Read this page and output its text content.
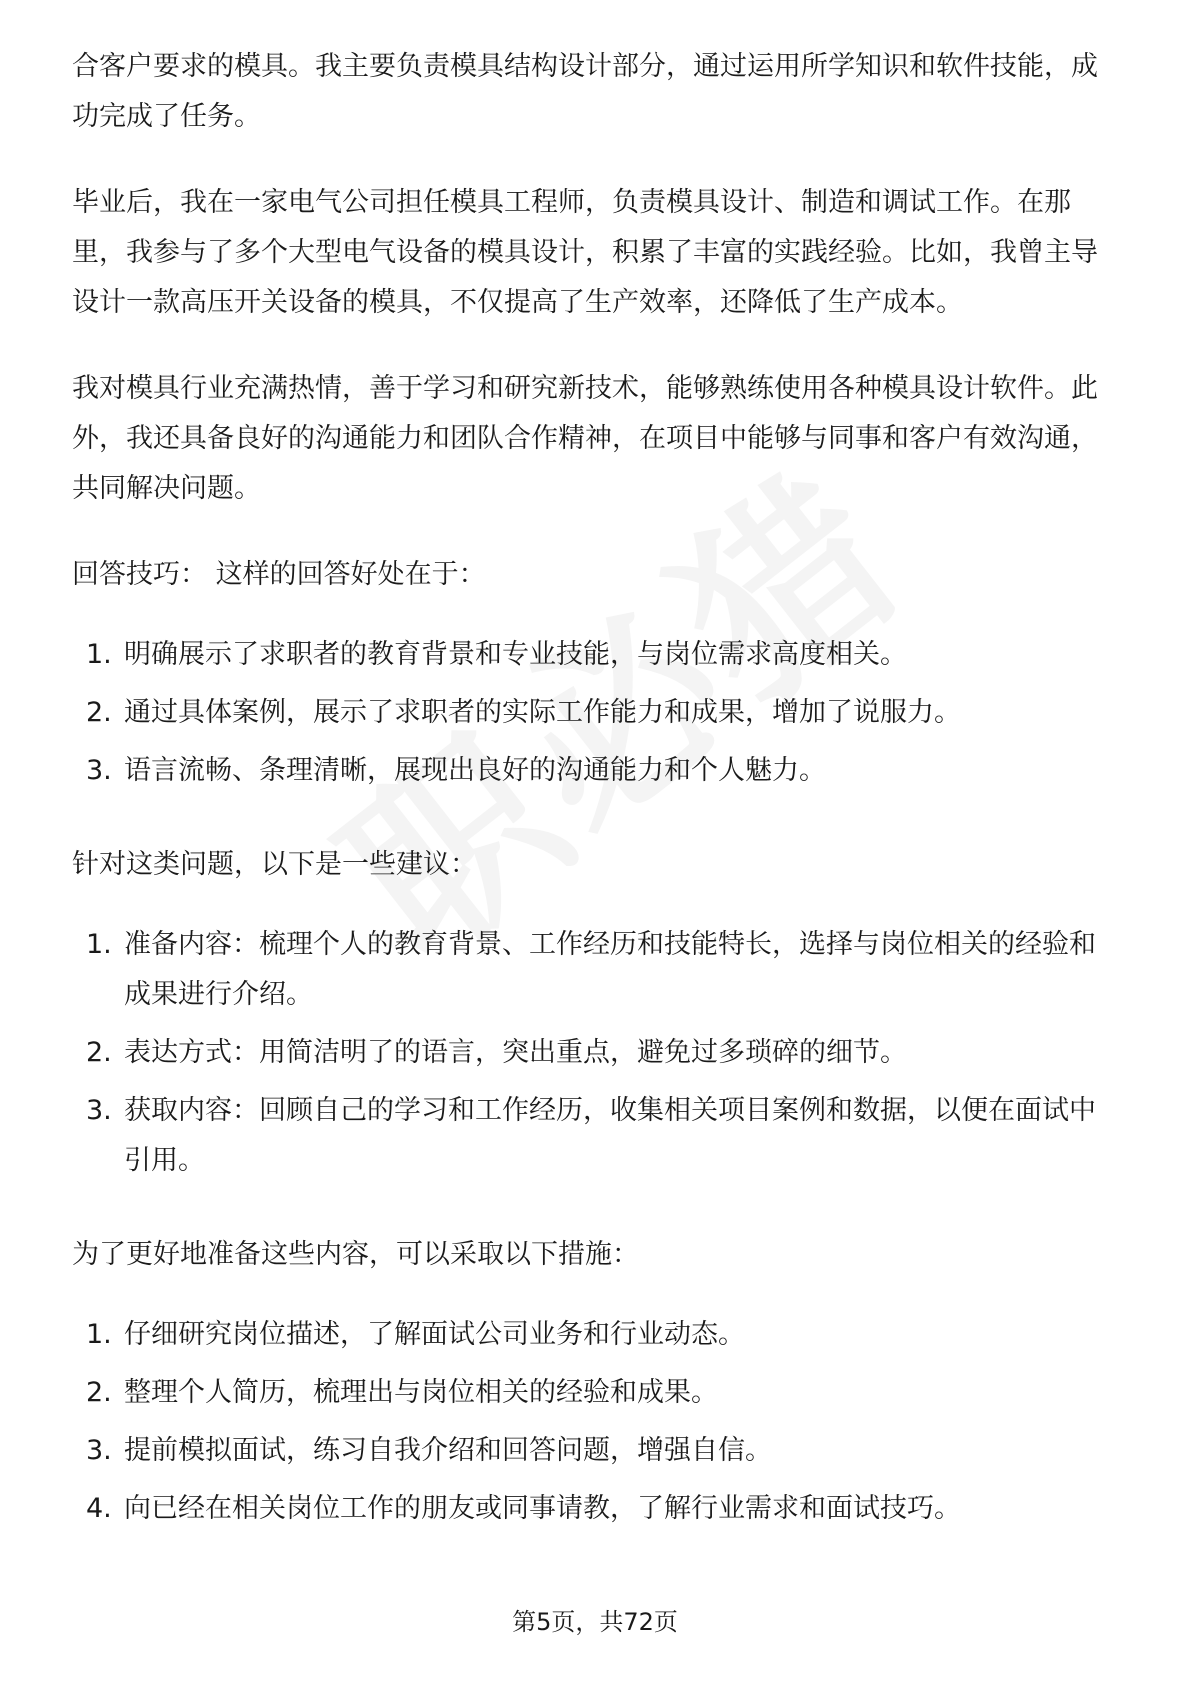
合客户要求的模具。我主要负责模具结构设计部分，通过运用所学知识和软件技能，成功完成了任务。

毕业后，我在一家电气公司担任模具工程师，负责模具设计、制造和调试工作。在那里，我参与了多个大型电气设备的模具设计，积累了丰富的实践经验。比如，我曾主导设计一款高压开关设备的模具，不仅提高了生产效率，还降低了生产成本。

我对模具行业充满热情，善于学习和研究新技术，能够熟练使用各种模具设计软件。此外，我还具备良好的沟通能力和团队合作精神，在项目中能够与同事和客户有效沟通，共同解决问题。

回答技巧： 这样的回答好处在于：

1. 明确展示了求职者的教育背景和专业技能，与岗位需求高度相关。
2. 通过具体案例，展示了求职者的实际工作能力和成果，增加了说服力。
3. 语言流畅、条理清晰，展现出良好的沟通能力和个人魅力。

针对这类问题，以下是一些建议：

1. 准备内容：梳理个人的教育背景、工作经历和技能特长，选择与岗位相关的经验和成果进行介绍。
2. 表达方式：用简洁明了的语言，突出重点，避免过多琐碎的细节。
3. 获取内容：回顾自己的学习和工作经历，收集相关项目案例和数据，以便在面试中引用。

为了更好地准备这些内容，可以采取以下措施：

1. 仔细研究岗位描述，了解面试公司业务和行业动态。
2. 整理个人简历，梳理出与岗位相关的经验和成果。
3. 提前模拟面试，练习自我介绍和回答问题，增强自信。
4. 向已经在相关岗位工作的朋友或同事请教，了解行业需求和面试技巧。
第5页，共72页
